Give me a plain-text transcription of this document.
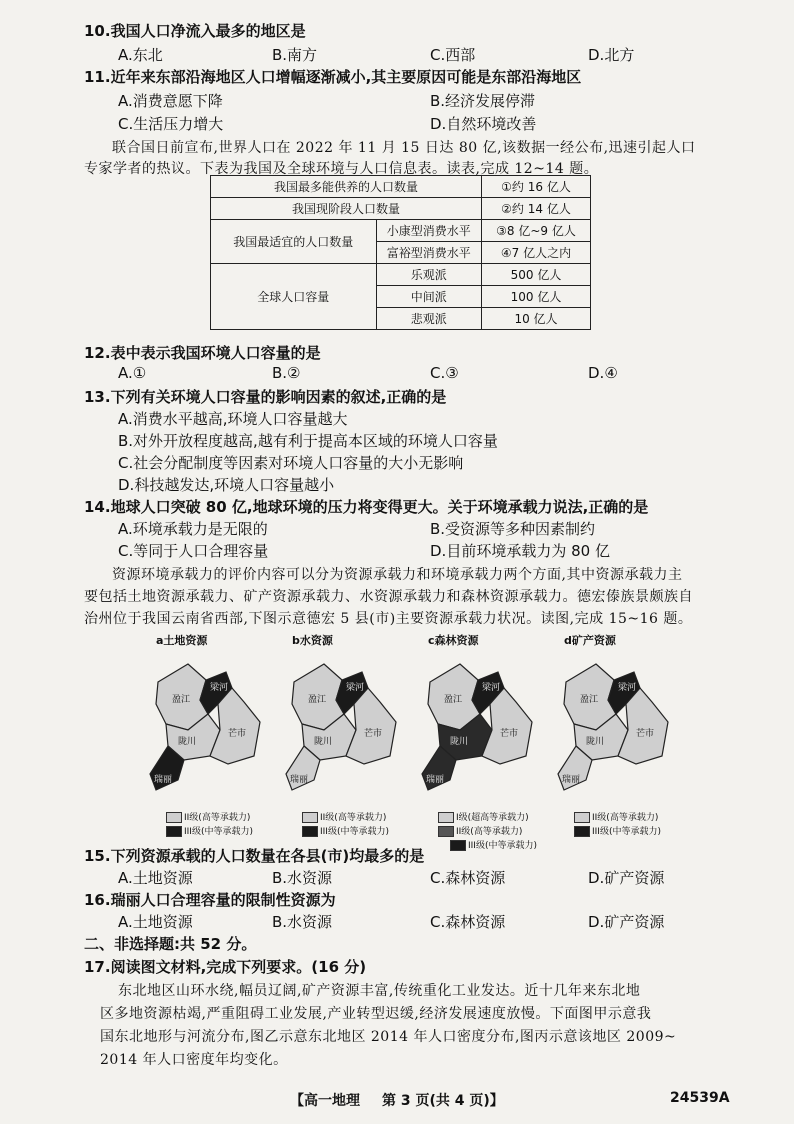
10.我国人口净流入最多的地区是
A.东北	B.南方	C.西部	D.北方
11.近年来东部沿海地区人口增幅逐渐减小,其主要原因可能是东部沿海地区
A.消费意愿下降	B.经济发展停滞
C.生活压力增大	D.自然环境改善
联合国日前宣布,世界人口在 2022 年 11 月 15 日达 80 亿,该数据一经公布,迅速引起人口
专家学者的热议。下表为我国及全球环境与人口信息表。读表,完成 12~14 题。
我国最多能供养的人口数量		①约 16 亿人
我国现阶段人口数量		②约 14 亿人
我国最适宜的人口数量	小康型消费水平	③8 亿~9 亿人
	富裕型消费水平	④7 亿人之内
全球人口容量	乐观派	500 亿人
	中间派	100 亿人
	悲观派	10 亿人
12.表中表示我国环境人口容量的是
A.①	B.②	C.③	D.④
13.下列有关环境人口容量的影响因素的叙述,正确的是
A.消费水平越高,环境人口容量越大
B.对外开放程度越高,越有利于提高本区域的环境人口容量
C.社会分配制度等因素对环境人口容量的大小无影响
D.科技越发达,环境人口容量越小
14.地球人口突破 80 亿,地球环境的压力将变得更大。关于环境承载力说法,正确的是
A.环境承载力是无限的	B.受资源等多种因素制约
C.等同于人口合理容量	D.目前环境承载力为 80 亿
资源环境承载力的评价内容可以分为资源承载力和环境承载力两个方面,其中资源承载力主
要包括土地资源承载力、矿产资源承载力、水资源承载力和森林资源承载力。德宏傣族景颇族自
治州位于我国云南省西部,下图示意德宏 5 县(市)主要资源承载力状况。读图,完成 15~16 题。
a土地资源
盈江
梁河
陇川
芒市
瑞丽
II级(高等承载力)
III级(中等承载力)
b水资源
盈江
梁河
陇川
芒市
瑞丽
II级(高等承载力)
III级(中等承载力)
c森林资源
盈江
梁河
陇川
芒市
瑞丽
I级(超高等承载力)
II级(高等承载力)
III级(中等承载力)
d矿产资源
盈江
梁河
陇川
芒市
瑞丽
II级(高等承载力)
III级(中等承载力)
15.下列资源承载的人口数量在各县(市)均最多的是
A.土地资源	B.水资源	C.森林资源	D.矿产资源
16.瑞丽人口合理容量的限制性资源为
A.土地资源	B.水资源	C.森林资源	D.矿产资源
二、非选择题:共 52 分。
17.阅读图文材料,完成下列要求。(16 分)
东北地区山环水绕,幅员辽阔,矿产资源丰富,传统重化工业发达。近十几年来东北地
区多地资源枯竭,严重阻碍工业发展,产业转型迟缓,经济发展速度放慢。下面图甲示意我
国东北地形与河流分布,图乙示意东北地区 2014 年人口密度分布,图丙示意该地区 2009~
2014 年人口密度年均变化。
【高一地理 第 3 页(共 4 页)】	24539A
